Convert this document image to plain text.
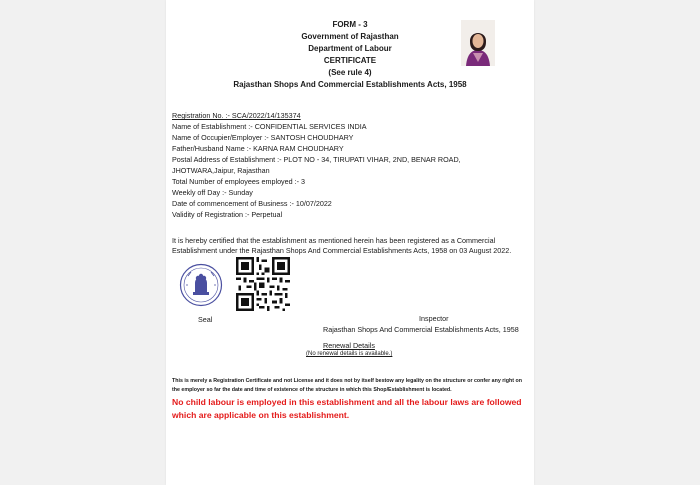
FORM - 3
Government of Rajasthan
Department of Labour
CERTIFICATE
(See rule 4)
Rajasthan Shops And Commercial Establishments Acts, 1958
Registration No. :- SCA/2022/14/135374
Name of Establishment :- CONFIDENTIAL SERVICES INDIA
Name of Occupier/Employer :- SANTOSH CHOUDHARY
Father/Husband Name :- KARNA RAM CHOUDHARY
Postal Address of Establishment :- PLOT NO - 34, TIRUPATI VIHAR, 2ND, BENAR ROAD,
JHOTWARA,Jaipur, Rajasthan
Total Number of employees employed :- 3
Weekly off Day :- Sunday
Date of commencement of Business :- 10/07/2022
Validity of Registration :- Perpetual
It is hereby certified that the establishment as mentioned herein has been registered as a Commercial Establishment under the Rajasthan Shops And Commercial Establishments Acts, 1958 on 03 August 2022.
Seal	Inspector
Rajasthan Shops And Commercial Establishments Acts, 1958
Renewal Details
(No renewal details is available.)
This is merely a Registration Certificate and not License and it does not by itself bestow any legality on the structure or confer any right on the employer so far the date and time of existence of the structure in which this Shop/Establishment is located.
No child labour is employed in this establishment and all the labour laws are followed which are applicable on this establishment.
